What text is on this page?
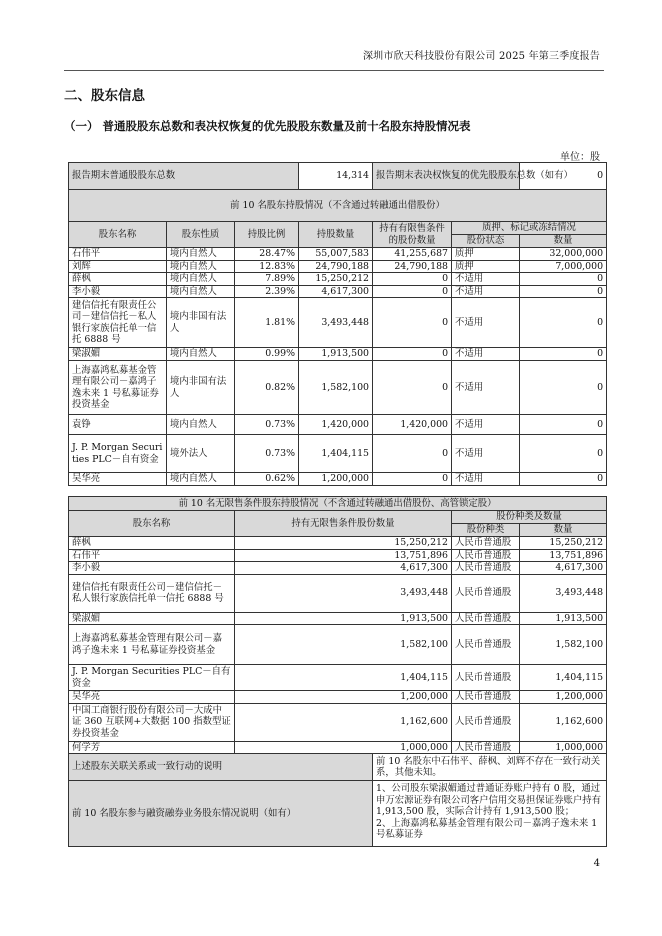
深圳市欣天科技股份有限公司 2025 年第三季度报告
二、股东信息
（一） 普通股股东总数和表决权恢复的优先股股东数量及前十名股东持股情况表
单位：股
报告期末普通股股东总数			14,314	报告期末表决权恢复的优先股股东总数（如有）		0
前 10 名股东持股情况（不含通过转融通出借股份）						
股东名称	股东性质	持股比例	持股数量	持有有限售条件的股份数量	质押、标记或冻结情况	
					股份状态	数量
石伟平	境内自然人	28.47%	55,007,583	41,255,687	质押	32,000,000
刘辉	境内自然人	12.83%	24,790,188	24,790,188	质押	7,000,000
薛枫	境内自然人	7.89%	15,250,212	0	不适用	0
李小毅	境内自然人	2.39%	4,617,300	0	不适用	0
建信信托有限责任公司－建信信托－私人银行家族信托单一信托 6888 号	境内非国有法人	1.81%	3,493,448	0	不适用	0
梁淑媚	境内自然人	0.99%	1,913,500	0	不适用	0
上海嘉鸿私募基金管理有限公司－嘉鸿子逸未来 1 号私募证券投资基金	境内非国有法人	0.82%	1,582,100	0	不适用	0
袁铮	境内自然人	0.73%	1,420,000	1,420,000	不适用	0
J. P. Morgan Securities PLC－自有资金	境外法人	0.73%	1,404,115	0	不适用	0
吴华亮	境内自然人	0.62%	1,200,000	0	不适用	0
前 10 名无限售条件股东持股情况（不含通过转融通出借股份、高管锁定股）				
股东名称	持有无限售条件股份数量		股份种类及数量	
			股份种类	数量
薛枫	15,250,212		人民币普通股	15,250,212
石伟平	13,751,896		人民币普通股	13,751,896
李小毅	4,617,300		人民币普通股	4,617,300
建信信托有限责任公司－建信信托－私人银行家族信托单一信托 6888 号	3,493,448		人民币普通股	3,493,448
梁淑媚	1,913,500		人民币普通股	1,913,500
上海嘉鸿私募基金管理有限公司－嘉鸿子逸未来 1 号私募证券投资基金	1,582,100		人民币普通股	1,582,100
J. P. Morgan Securities PLC－自有资金	1,404,115		人民币普通股	1,404,115
吴华亮	1,200,000		人民币普通股	1,200,000
中国工商银行股份有限公司－大成中证 360 互联网+大数据 100 指数型证券投资基金	1,162,600		人民币普通股	1,162,600
何学芳	1,000,000		人民币普通股	1,000,000
上述股东关联关系或一致行动的说明		前 10 名股东中石伟平、薛枫、刘辉不存在一致行动关系，其他未知。		
前 10 名股东参与融资融券业务股东情况说明（如有）		1、公司股东梁淑媚通过普通证券账户持有 0 股，通过申万宏源证券有限公司客户信用交易担保证券账户持有 1,913,500 股，实际合计持有 1,913,500 股；
2、上海嘉鸿私募基金管理有限公司－嘉鸿子逸未来 1 号私募证券		
4
